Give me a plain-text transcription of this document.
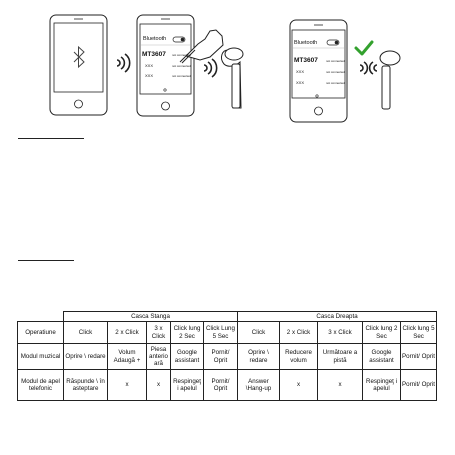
Bluetooth
MT3607 not connected
XXX	not connected
XXX	not connected
Bluetooth
MT3607	not connected
XXX	not connected
XXX	not connected
	Casca Stanga					Casca Dreapta				
Operatiune	Click	2 x Click	3 x Click	Click lung 2 Sec	Click Lung 5 Sec	Click	2 x Click	3 x Click	Click lung 2 Sec	Click lung 5 Sec
Modul muzical	Oprire \ redare	Volum Adaugă +	Piesa anterio ară	Google assistant	Pornit/ Oprit	Oprire \ redare	Reducere volum	Următoare a pistă	Google assistant	Pornit/ Oprit
Modul de apel telefonic	Răspunde \ în asteptare	x	x	Respingeţ i apelul	Pornit/ Oprit	Answer \Hang-up	x	x	Respingeţ i apelul	Pornit/ Oprit
